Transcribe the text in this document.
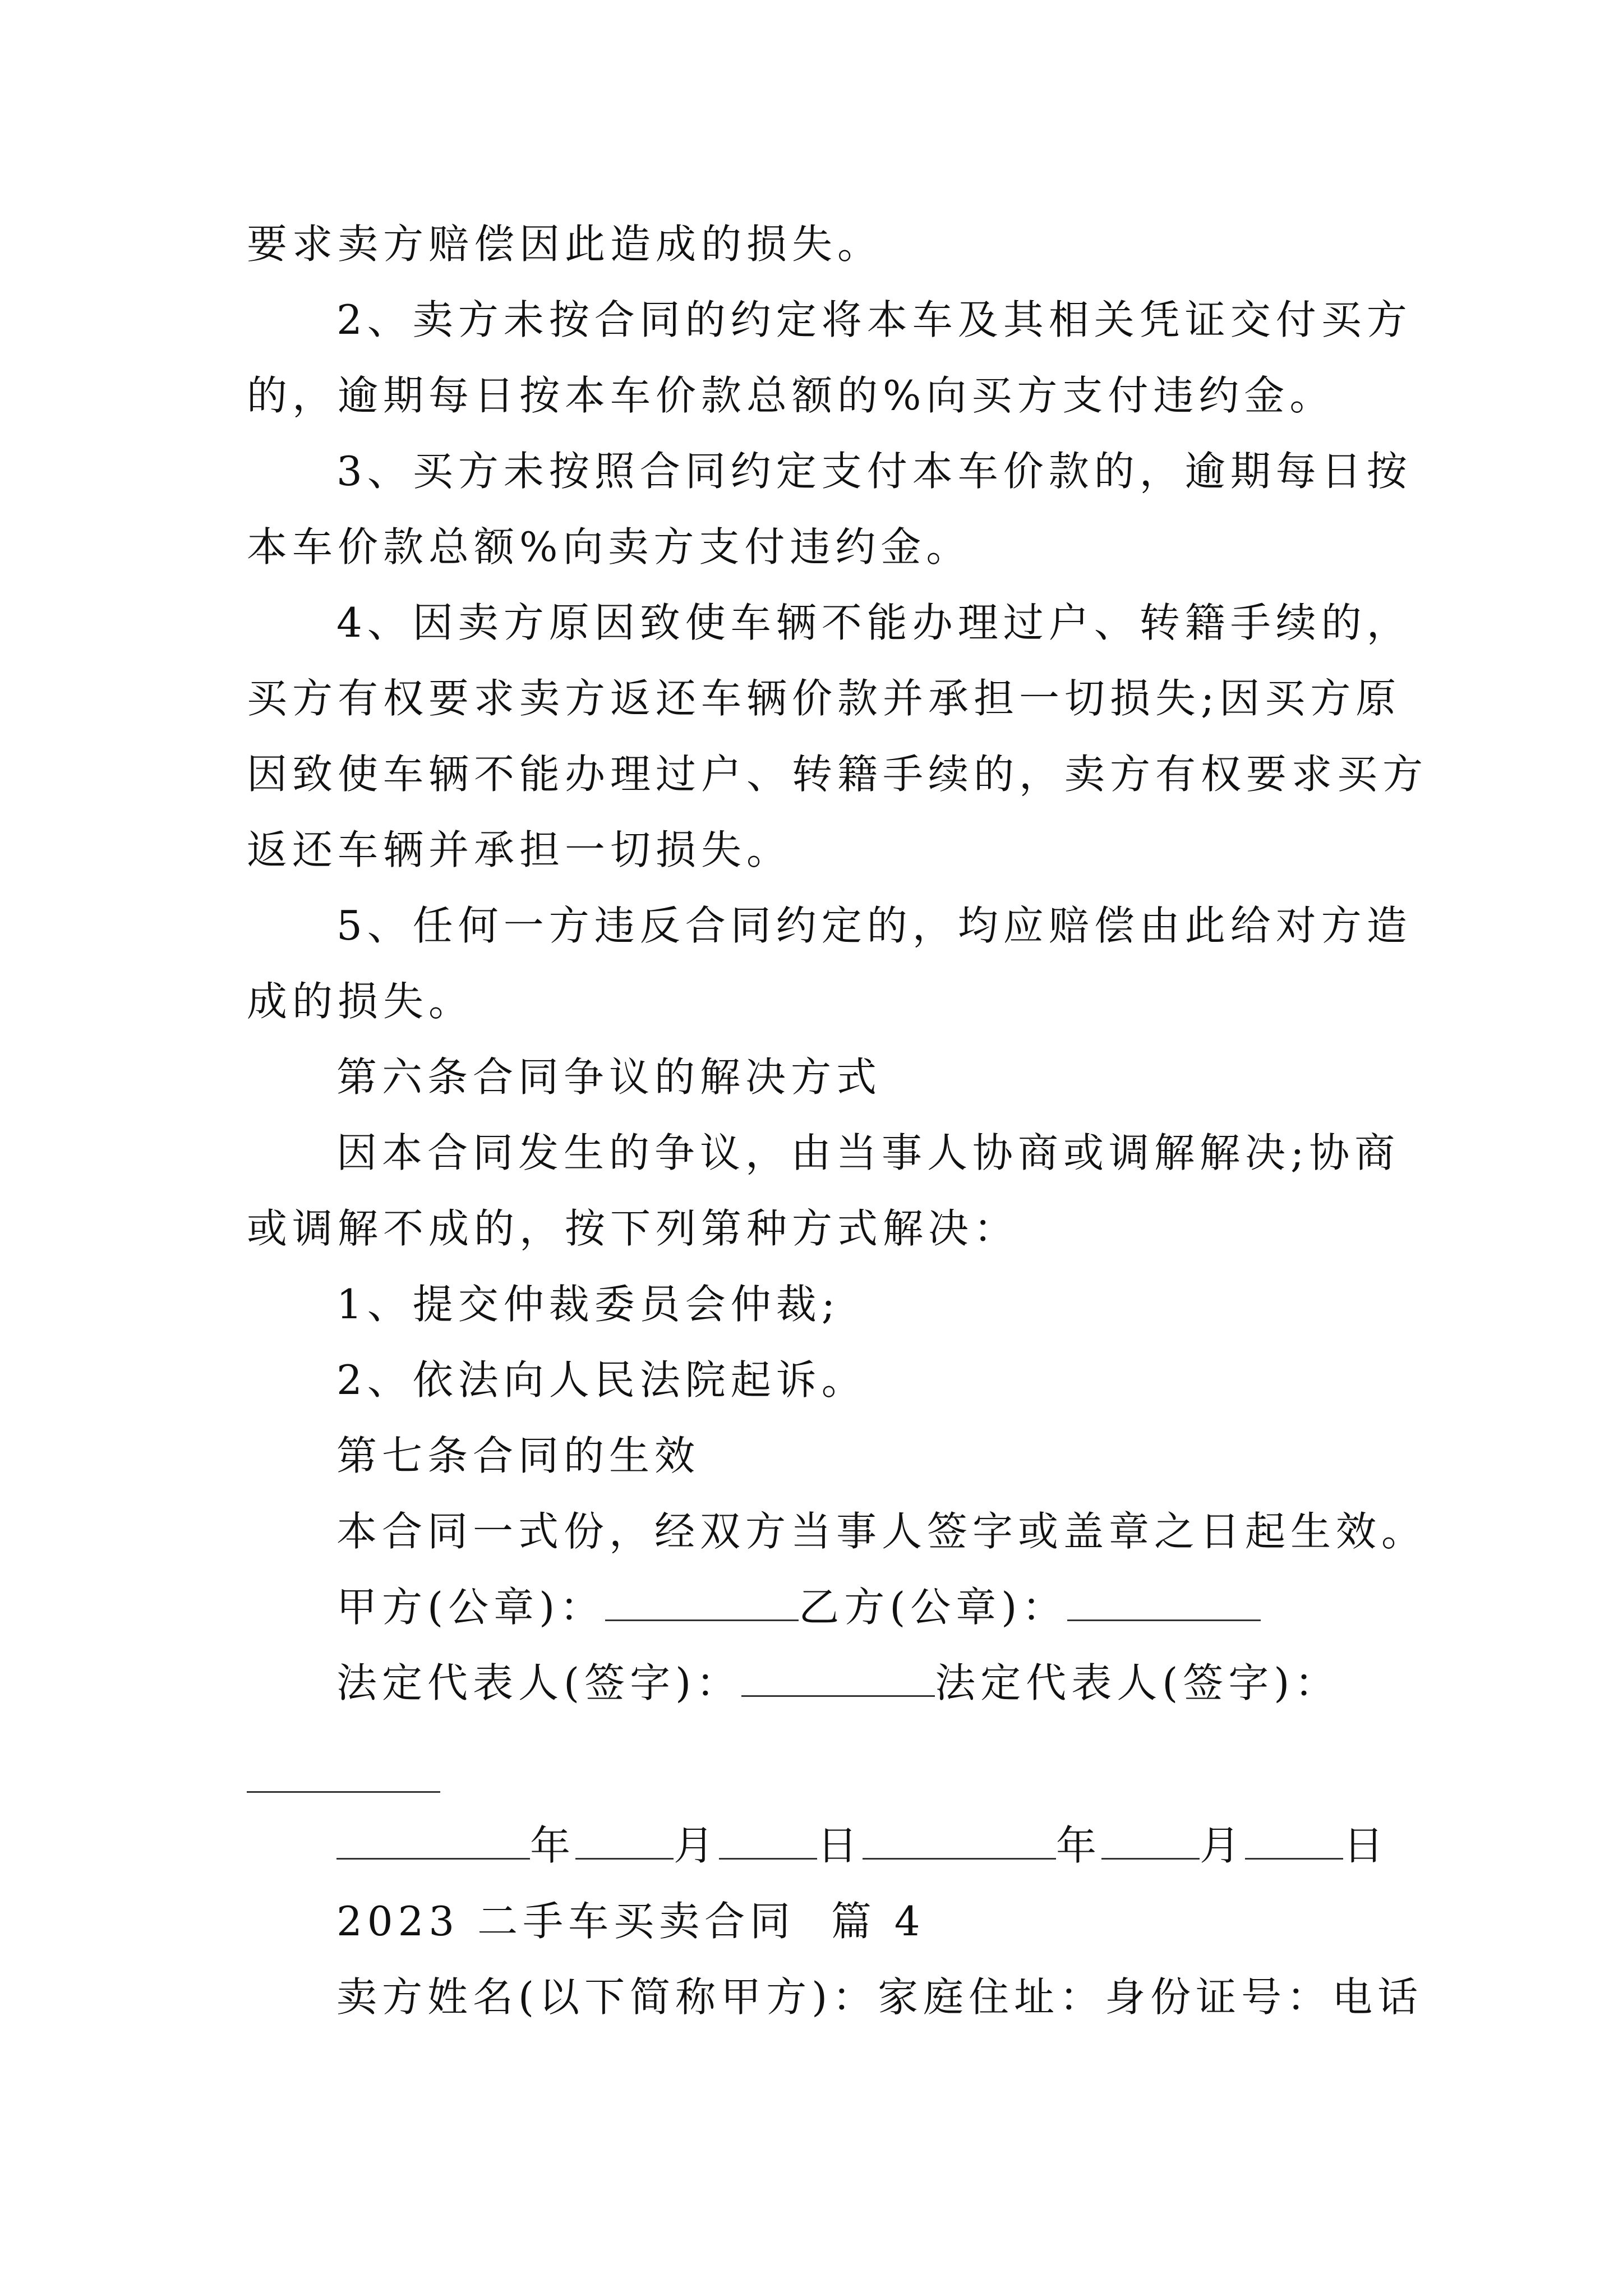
要求卖方赔偿因此造成的损失。
2、卖方未按合同的约定将本车及其相关凭证交付买方
的，逾期每日按本车价款总额的%向买方支付违约金。
3、买方未按照合同约定支付本车价款的，逾期每日按
本车价款总额%向卖方支付违约金。
4、因卖方原因致使车辆不能办理过户、转籍手续的，
买方有权要求卖方返还车辆价款并承担一切损失;因买方原
因致使车辆不能办理过户、转籍手续的，卖方有权要求买方
返还车辆并承担一切损失。
5、任何一方违反合同约定的，均应赔偿由此给对方造
成的损失。
第六条合同争议的解决方式
因本合同发生的争议，由当事人协商或调解解决;协商
或调解不成的，按下列第种方式解决：
1、提交仲裁委员会仲裁;
2、依法向人民法院起诉。
第七条合同的生效
本合同一式份，经双方当事人签字或盖章之日起生效。
甲方(公章)：	乙方(公章)：
法定代表人(签字)：	法定代表人(签字)：
年 月 日	年 月 日
2023 二手车买卖合同  篇 4
卖方姓名(以下简称甲方)：家庭住址：身份证号：电话
